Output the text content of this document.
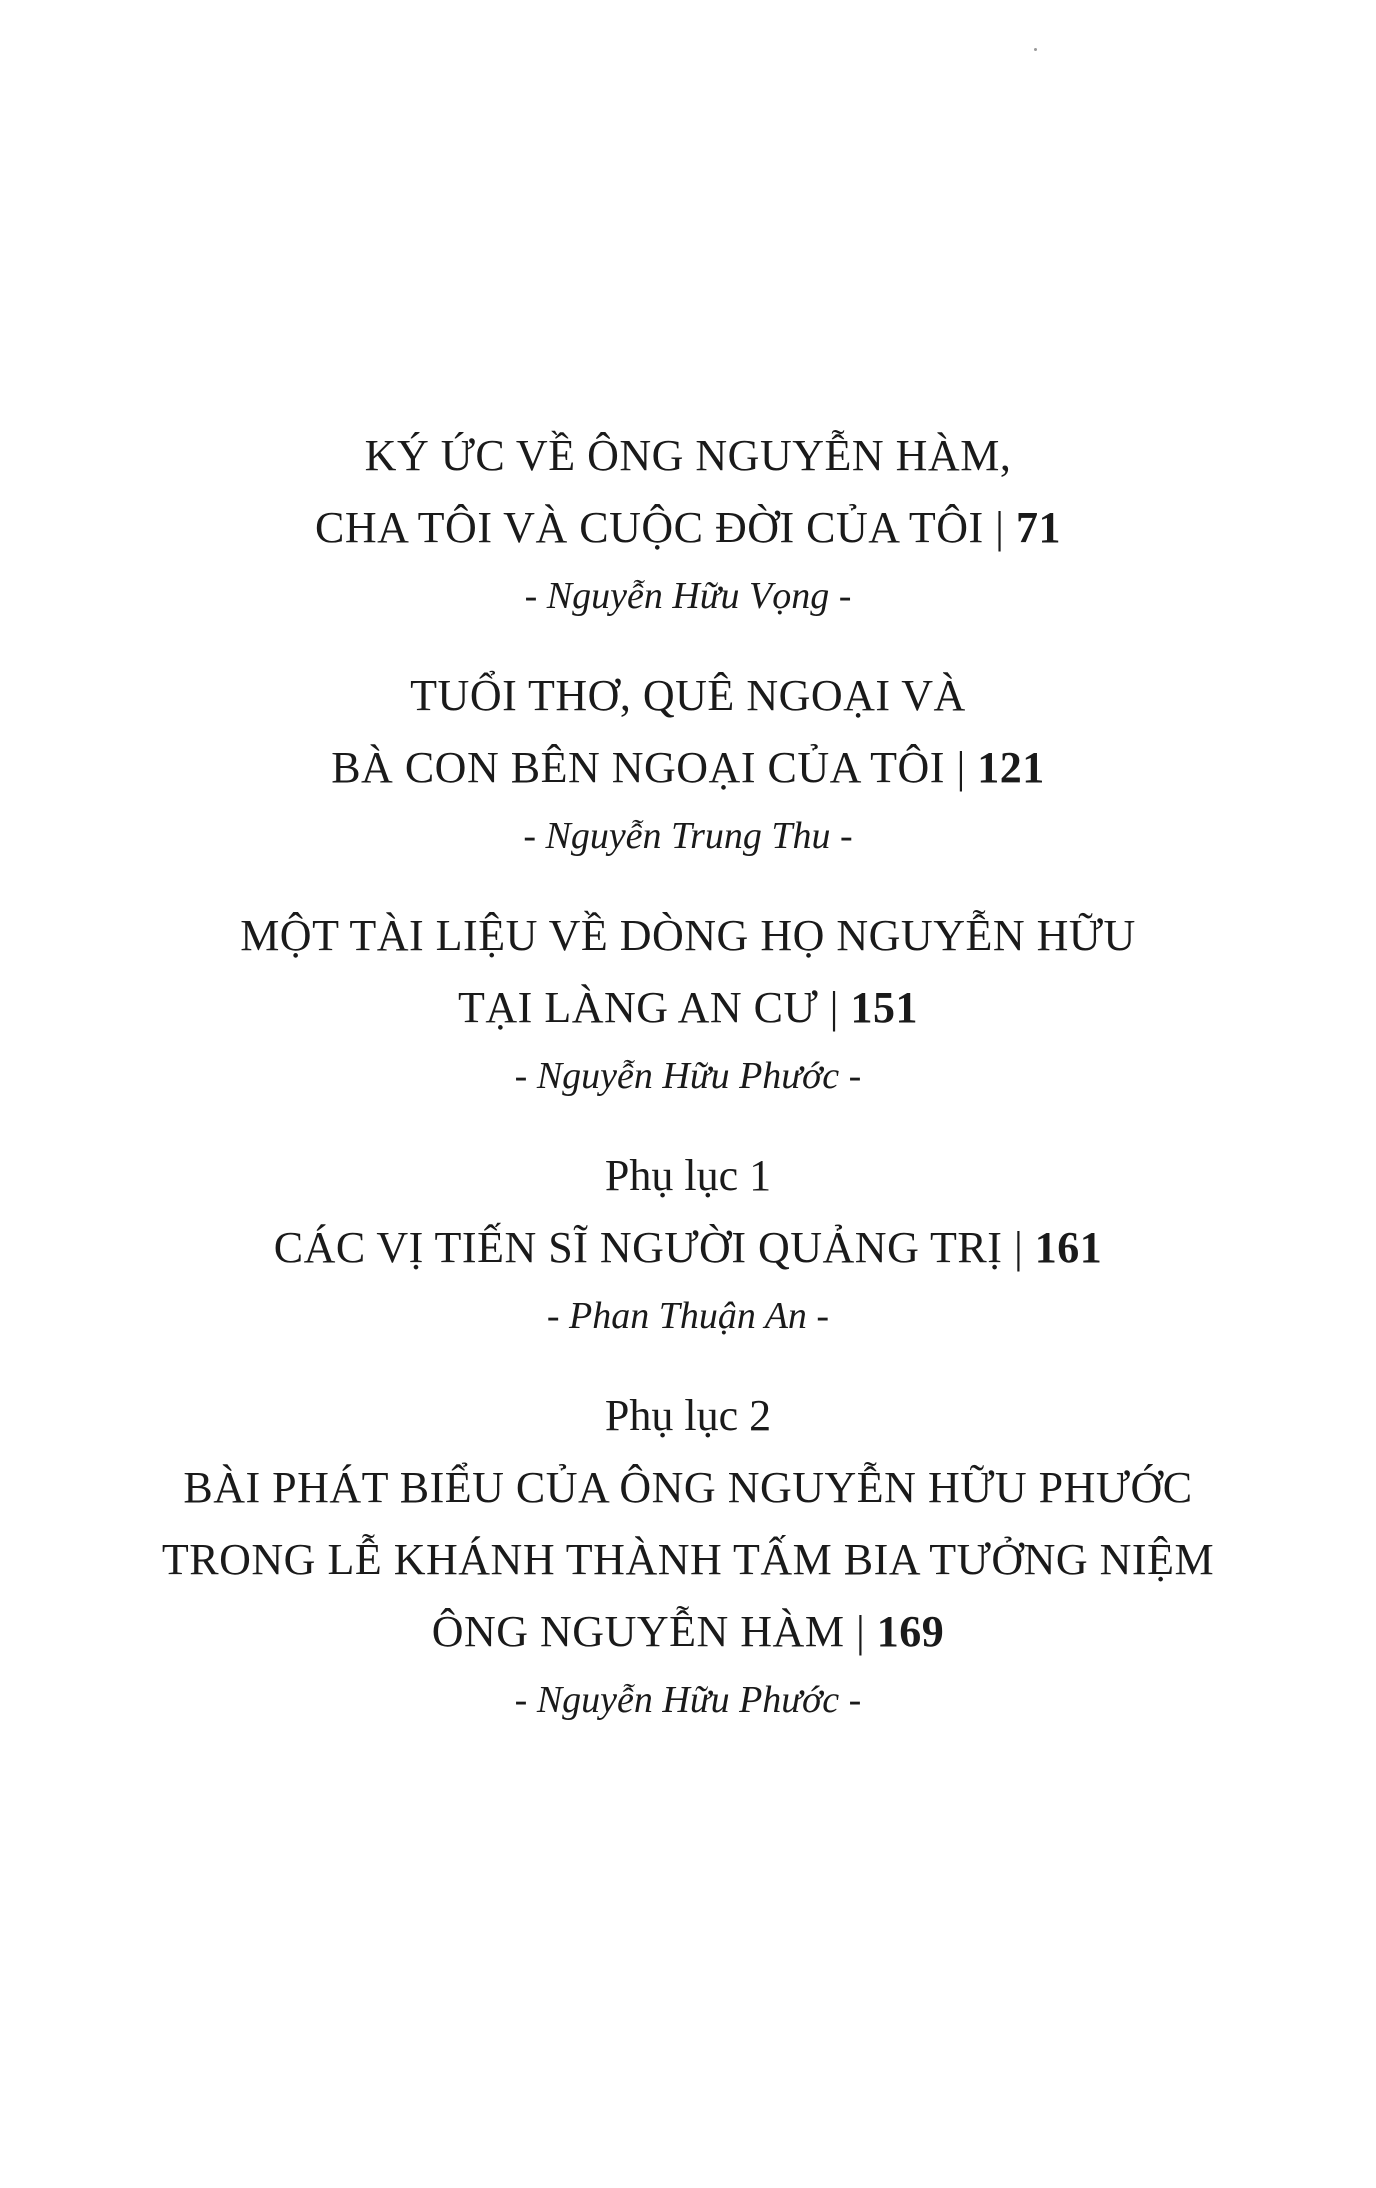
KÝ ỨC VỀ ÔNG NGUYỄN HÀM,
CHA TÔI VÀ CUỘC ĐỜI CỦA TÔI | 71
- Nguyễn Hữu Vọng -
TUỔI THƠ, QUÊ NGOẠI VÀ
BÀ CON BÊN NGOẠI CỦA TÔI | 121
- Nguyễn Trung Thu -
MỘT TÀI LIỆU VỀ DÒNG HỌ NGUYỄN HỮU
TẠI LÀNG AN CƯ | 151
- Nguyễn Hữu Phước -
Phụ lục 1
CÁC VỊ TIẾN SĨ NGƯỜI QUẢNG TRỊ | 161
- Phan Thuận An -
Phụ lục 2
BÀI PHÁT BIỂU CỦA ÔNG NGUYỄN HỮU PHƯỚC
TRONG LỄ KHÁNH THÀNH TẤM BIA TƯỞNG NIỆM
ÔNG NGUYỄN HÀM | 169
- Nguyễn Hữu Phước -
